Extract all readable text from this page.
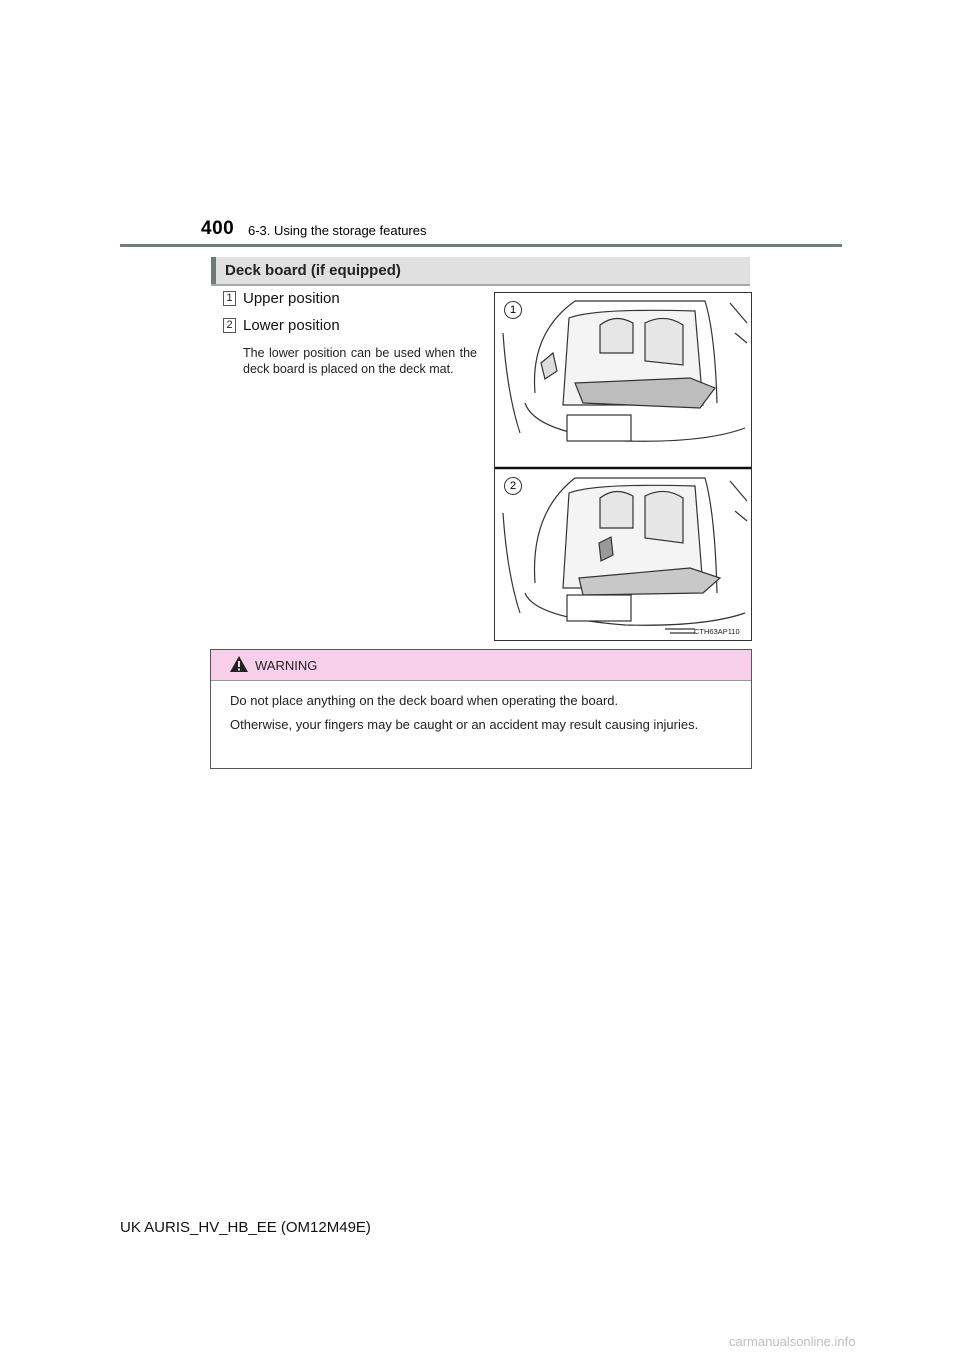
400 6-3. Using the storage features
Deck board (if equipped)
1 Upper position
2 Lower position
The lower position can be used when the deck board is placed on the deck mat.
1
2
CTH63AP110
WARNING
Do not place anything on the deck board when operating the board.
Otherwise, your fingers may be caught or an accident may result causing injuries.
UK AURIS_HV_HB_EE (OM12M49E)
carmanualsonline.info
